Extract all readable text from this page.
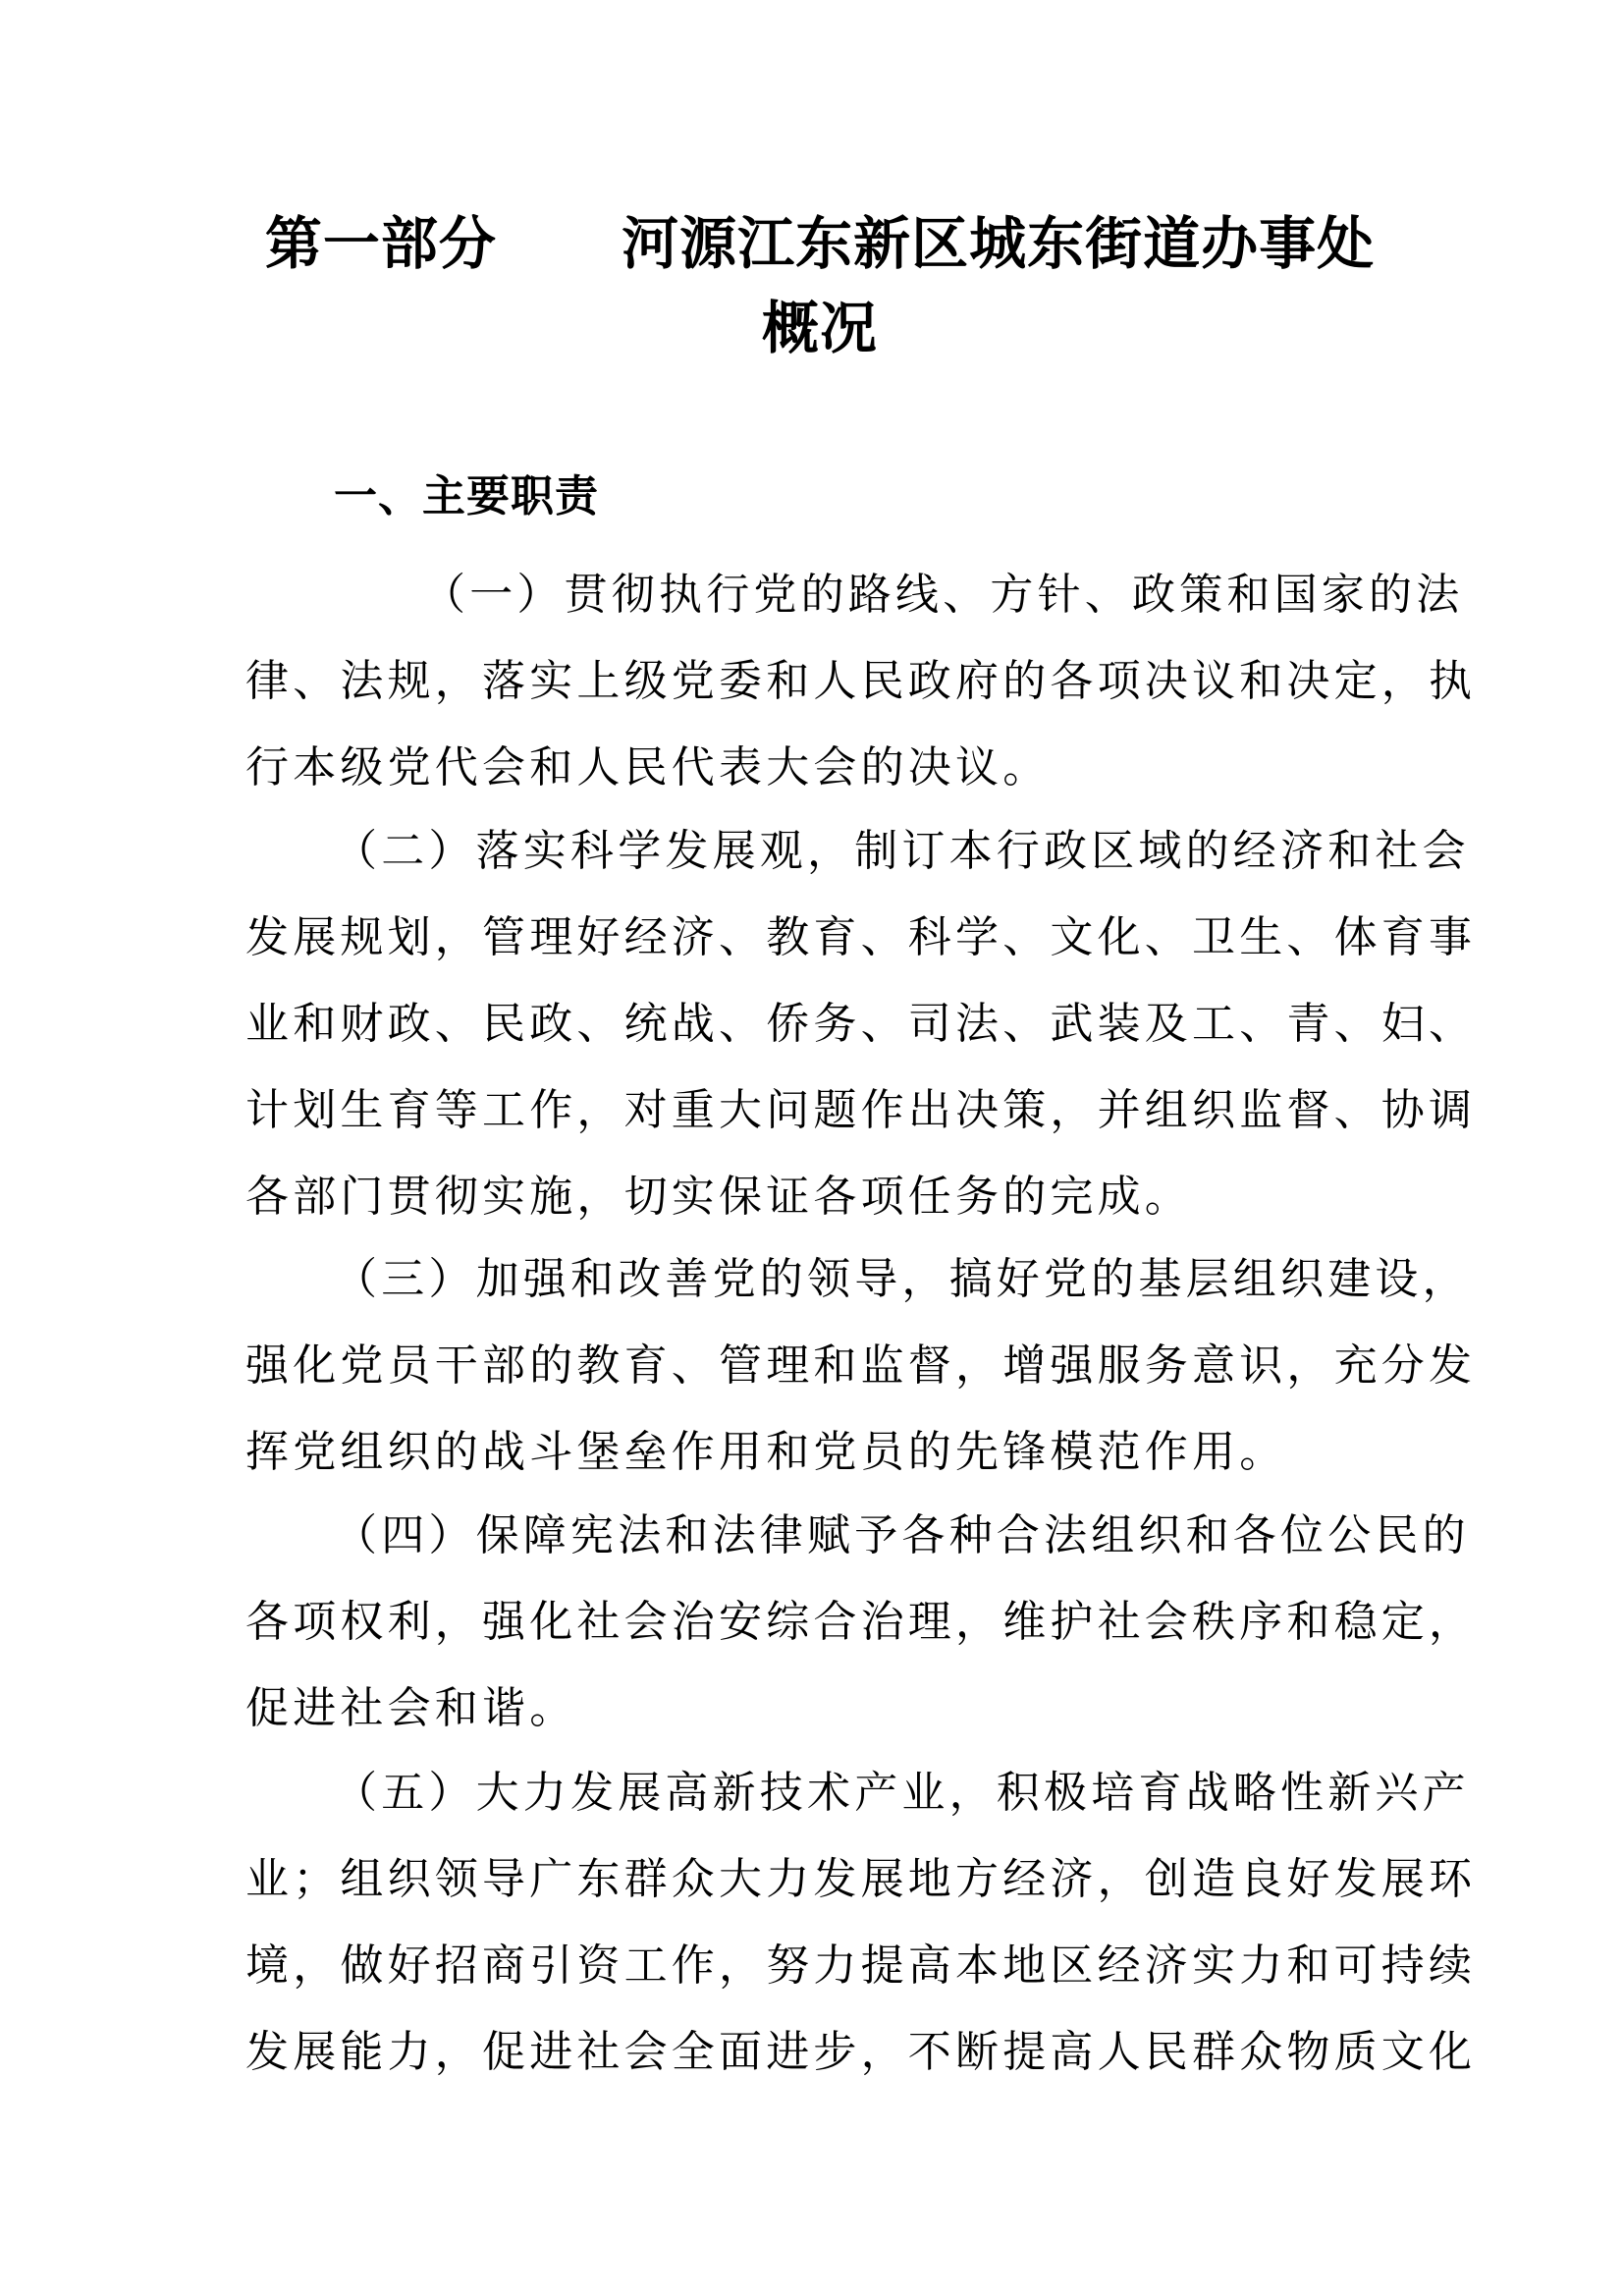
第一部分      河源江东新区城东街道办事处
概况
一、主要职责

（一）贯彻执行党的路线、方针、政策和国家的法
律、法规，落实上级党委和人民政府的各项决议和决定，执
行本级党代会和人民代表大会的决议。

（二）落实科学发展观，制订本行政区域的经济和社会
发展规划，管理好经济、教育、科学、文化、卫生、体育事
业和财政、民政、统战、侨务、司法、武装及工、青、妇、
计划生育等工作，对重大问题作出决策，并组织监督、协调
各部门贯彻实施，切实保证各项任务的完成。

（三）加强和改善党的领导，搞好党的基层组织建设，
强化党员干部的教育、管理和监督，增强服务意识，充分发
挥党组织的战斗堡垒作用和党员的先锋模范作用。

（四）保障宪法和法律赋予各种合法组织和各位公民的
各项权利，强化社会治安综合治理，维护社会秩序和稳定，
促进社会和谐。

（五）大力发展高新技术产业，积极培育战略性新兴产
业；组织领导广东群众大力发展地方经济，创造良好发展环
境，做好招商引资工作，努力提高本地区经济实力和可持续
发展能力，促进社会全面进步，不断提高人民群众物质文化
